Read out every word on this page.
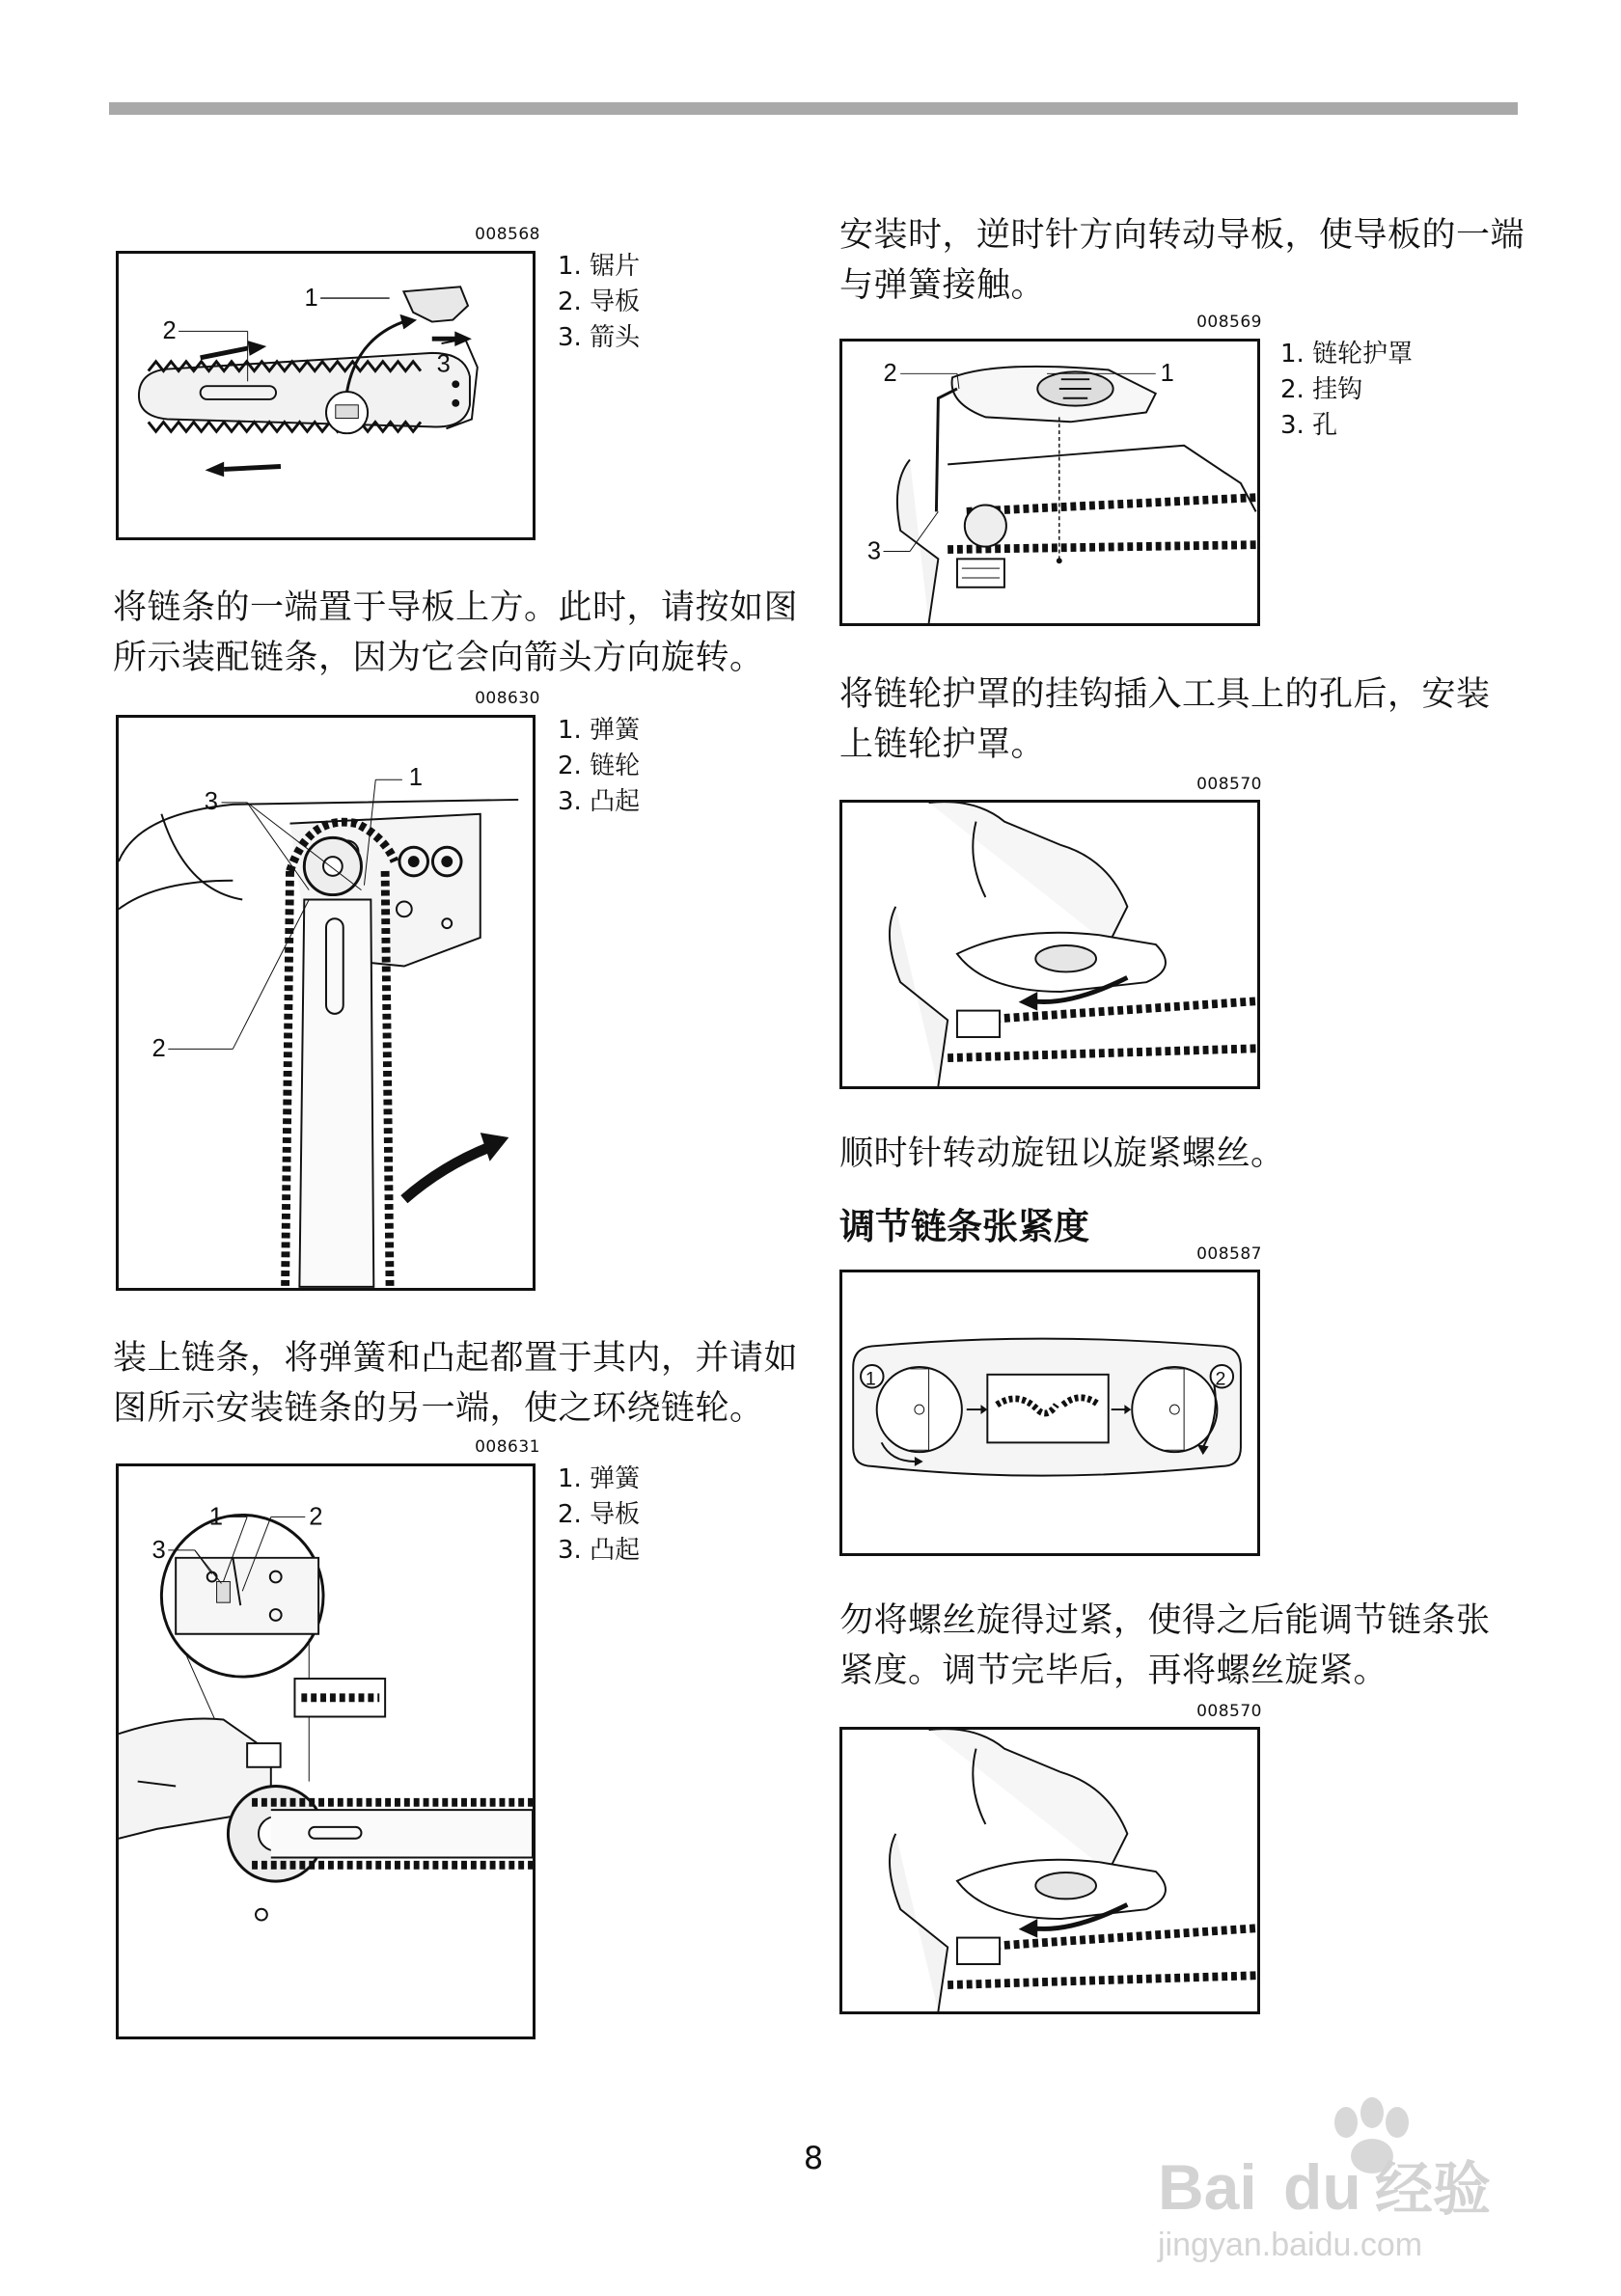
008568
1
2
3
1. 锯片
2. 导板
3. 箭头
将链条的一端置于导板上方。此时，请按如图
所示装配链条，因为它会向箭头方向旋转。
008630
1
2
3
1. 弹簧
2. 链轮
3. 凸起
装上链条，将弹簧和凸起都置于其内，并请如
图所示安装链条的另一端，使之环绕链轮。
008631
1	2
3
1. 弹簧
2. 导板
3. 凸起
安装时，逆时针方向转动导板，使导板的一端
与弹簧接触。
008569
2	1
3
1. 链轮护罩
2. 挂钩
3. 孔
将链轮护罩的挂钩插入工具上的孔后，安装
上链轮护罩。
008570
顺时针转动旋钮以旋紧螺丝。
调节链条张紧度
008587
1	2
勿将螺丝旋得过紧，使得之后能调节链条张
紧度。调节完毕后，再将螺丝旋紧。
008570
8	Bai du 经验
jingyan.baidu.com
